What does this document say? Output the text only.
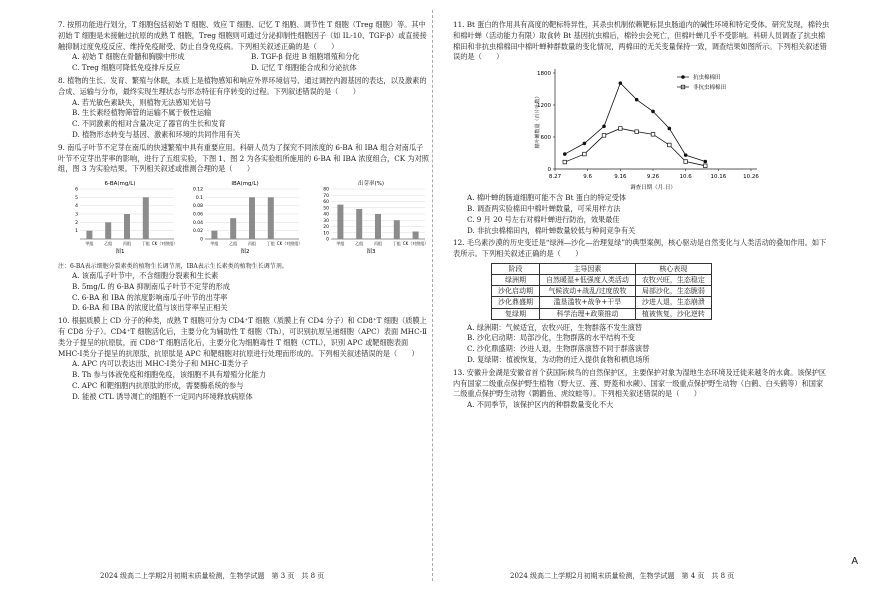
7. 按照功能进行划分，T 细胞包括初始 T 细胞、效应 T 细胞、记忆 T 细胞、调节性 T 细胞（Treg 细胞）等。其中初始 T 细胞是未接触过抗原的成熟 T 细胞，Treg 细胞则可通过分泌抑制性细胞因子（如 IL-10、TGF-β）或直接接触抑制过度免疫反应、维持免疫耐受、防止自身免疫病。下列相关叙述正确的是（　　）

A. 初始 T 细胞在骨髓和胸腺中形成	B. TGF-β 促进 B 细胞增殖和分化
C. Treg 细胞可降低免疫排斥反应	D. 记忆 T 细胞能合成和分泌抗体

8. 植物的生长、发育、繁殖与休眠，本质上是植物感知和响应外界环境信号、通过调控内源基因的表达，以及激素的合成、运输与分布，最终实现生理状态与形态特征有序转变的过程。下列叙述错误的是（　　）

A. 若光敏色素缺失，则植物无法感知光信号
B. 生长素经植物筛管的运输不属于极性运输
C. 不同激素的相对含量决定了器官的生长和发育
D. 植物形态转变与基因、激素和环境的共同作用有关

9. 南瓜子叶节不定芽在南瓜的快速繁殖中具有重要应用。科研人员为了探究不同浓度的 6-BA 和 IBA 组合对南瓜子叶节不定芽出芽率的影响，进行了五组实验，下图 1、图 2 为各实验组所施用的 6-BA 和 IBA 浓度组合，CK 为对照组，图 3 为实验结果。下列相关叙述或推测合理的是（　　）

6-BA(mg/L)
1
2
3
4
5
6
甲组	乙组	丙组	丁组 CK（对照组）
图1
IBA(mg/L)
0
0.02
0.04
0.06
0.08
0.1
0.12
甲组	乙组	丙组	丁组 CK（对照组）
图2
出芽率(%)
0
10
20
30
40
50
60
70
80
甲组	乙组	丙组	丁组 CK（对照组）
图3
注：6-BA表示细胞分裂素类的植物生长调节剂，IBA表示生长素类的植物生长调节剂。
A. 该南瓜子叶节中，不含细胞分裂素和生长素
B. 5mg/L 的 6-BA 抑制南瓜子叶节不定芽的形成
C. 6-BA 和 IBA 的浓度影响南瓜子叶节的出芽率
D. 6-BA 和 IBA 的浓度比值与该出芽率呈正相关

10. 根据质膜上 CD 分子的种类，成熟 T 细胞可分为 CD4⁺T 细胞（质膜上有 CD4 分子）和 CD8⁺T 细胞（质膜上有 CD8 分子）。CD4⁺T 细胞活化后，主要分化为辅助性 T 细胞（Th），可识别抗原呈递细胞（APC）表面 MHC-Ⅱ类分子提呈的抗原肽，而 CD8⁺T 细胞活化后，主要分化为细胞毒性 T 细胞（CTL），识别 APC 或靶细胞表面 MHC-Ⅰ类分子提呈的抗原肽，抗原肽是 APC 和靶细胞对抗原进行处理而形成的。下列相关叙述错误的是（　　）

A. APC 内可以表达出 MHC-Ⅰ类分子和 MHC-Ⅱ类分子
B. Th 参与体液免疫和细胞免疫，该细胞不具有增殖分化能力
C. APC 和靶细胞内抗原肽的形成，需要酶系统的参与
D. 能被 CTL 诱导凋亡的细胞不一定同内环境释放病原体
2024 级高二上学期2月初期末质量检测，生物学试题　第 3 页　共 8 页

11. Bt 蛋白的作用具有高度的靶标特异性，其杀虫机制依赖靶标昆虫肠道内的碱性环境和特定受体。研究发现，棉铃虫和棉叶蝉（活动能力有限）取食转 Bt 基因抗虫棉后，棉铃虫会死亡，但棉叶蝉几乎不受影响。科研人员调查了抗虫棉棉田和非抗虫棉棉田中棉叶蝉种群数量的变化情况，两棉田的无关变量保持一致，调查结果如图所示。下列相关叙述错误的是（　　）

0
600
1200
1800
8.27	9.6	9.16	9.26	10.6	10.16	10.26
调查日期（月.日）
棉叶蝉数量（百片叶数）
抗虫棉棉田
非抗虫棉棉田
A. 棉叶蝉的肠道细胞可能不含 Bt 蛋白的特定受体
B. 调查两实验棉田中棉叶蝉数量，可采用样方法
C. 9 月 20 号左右对棉叶蝉进行防治，效果最佳
D. 非抗虫棉棉田内，棉叶蝉数量较低与种间竞争有关

12. 毛乌素沙漠的历史变迁是“绿洲—沙化—治理复绿”的典型案例，核心驱动是自然变化与人类活动的叠加作用。如下表所示。下列相关叙述正确的是（　　）

阶段	主导因素	核心表现
绿洲期	自然暖湿+低强度人类活动	农牧兴旺，生态稳定
沙化启动期	气候波动+战乱/过度放牧	局部沙化，生态脆弱
沙化鼎盛期	滥垦滥牧+战争+干旱	沙进人退，生态崩溃
复绿期	科学治理+政策推动	植被恢复，沙化逆转
A. 绿洲期：气候适宜，农牧兴旺，生物群落不发生演替
B. 沙化启动期：局部沙化，生物群落的水平结构不变
C. 沙化鼎盛期：沙进人退，生物群落演替不同于群落演替
D. 复绿期：植被恢复，为动物的迁入提供食物和栖息场所

13. 安徽升金湖是安徽省首个获国际候鸟的自然保护区，主要保护对象为湿地生态环境及迁徙来越冬的水禽。该保护区内有国家二级重点保护野生植物（野大豆、莲、野菱和水蕨）、国家一级重点保护野生动物（白鹤、白头鹤等）和国家二级重点保护野生动物（鹮鹳鱼、虎纹蛙等）。下列相关叙述错误的是（　　）

A. 不同季节，该保护区内的种群数量变化不大
2024 级高二上学期2月初期末质量检测，生物学试题　第 4 页　共 8 页
A
